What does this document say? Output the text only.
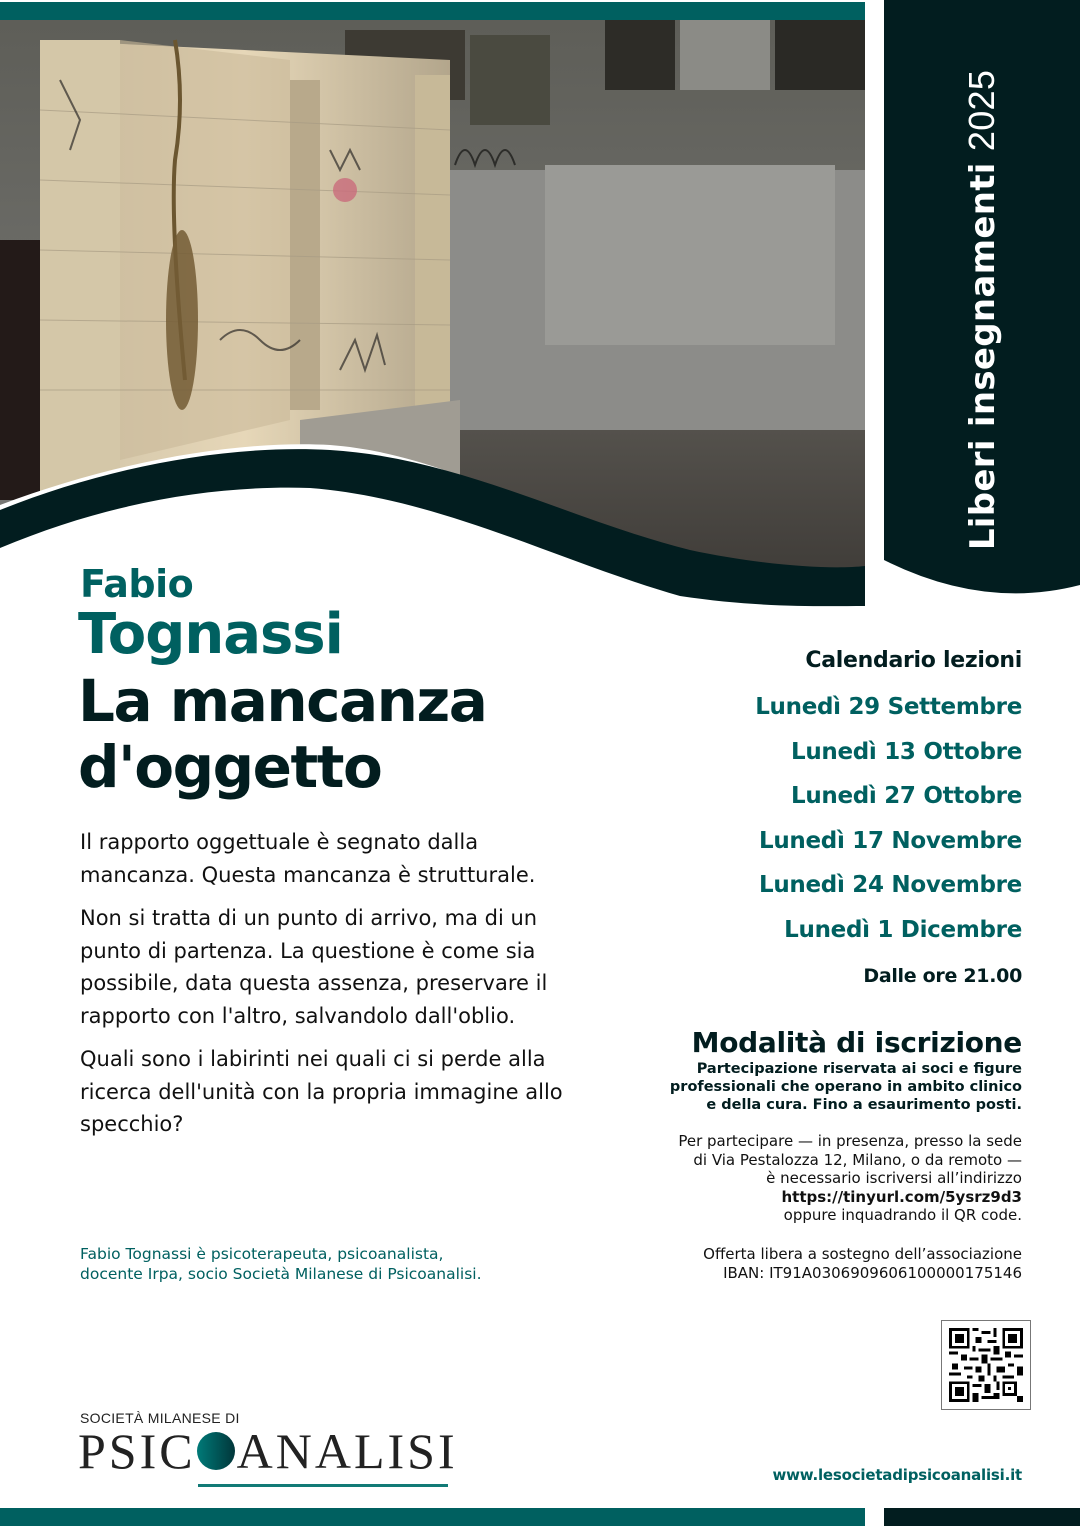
Liberi insegnamenti 2025
Fabio
Tognassi
La mancanza
d'oggetto

Il rapporto oggettuale è segnato dalla mancanza. Questa mancanza è strutturale.

Non si tratta di un punto di arrivo, ma di un punto di partenza. La questione è come sia possibile, data questa assenza, preservare il rapporto con l'altro, salvandolo dall'oblio.

Quali sono i labirinti nei quali ci si perde alla ricerca dell'unità con la propria immagine allo specchio?

Fabio Tognassi è psicoterapeuta, psicoanalista,
docente Irpa, socio Società Milanese di Psicoanalisi.
Calendario lezioni
Lunedì 29 Settembre
Lunedì 13 Ottobre
Lunedì 27 Ottobre
Lunedì 17 Novembre
Lunedì 24 Novembre
Lunedì 1 Dicembre
Dalle ore 21.00
Modalità di iscrizione
Partecipazione riservata ai soci e figure
professionali che operano in ambito clinico
e della cura. Fino a esaurimento posti.
Per partecipare — in presenza, presso la sede
di Via Pestalozza 12, Milano, o da remoto —
è necessario iscriversi all’indirizzo
https://tinyurl.com/5ysrz9d3
oppure inquadrando il QR code.
Offerta libera a sostegno dell’associazione
IBAN: IT91A0306909606100000175146
SOCIETÀ MILANESE DI
PSIC ANALISI	www.lesocietadipsicoanalisi.it
